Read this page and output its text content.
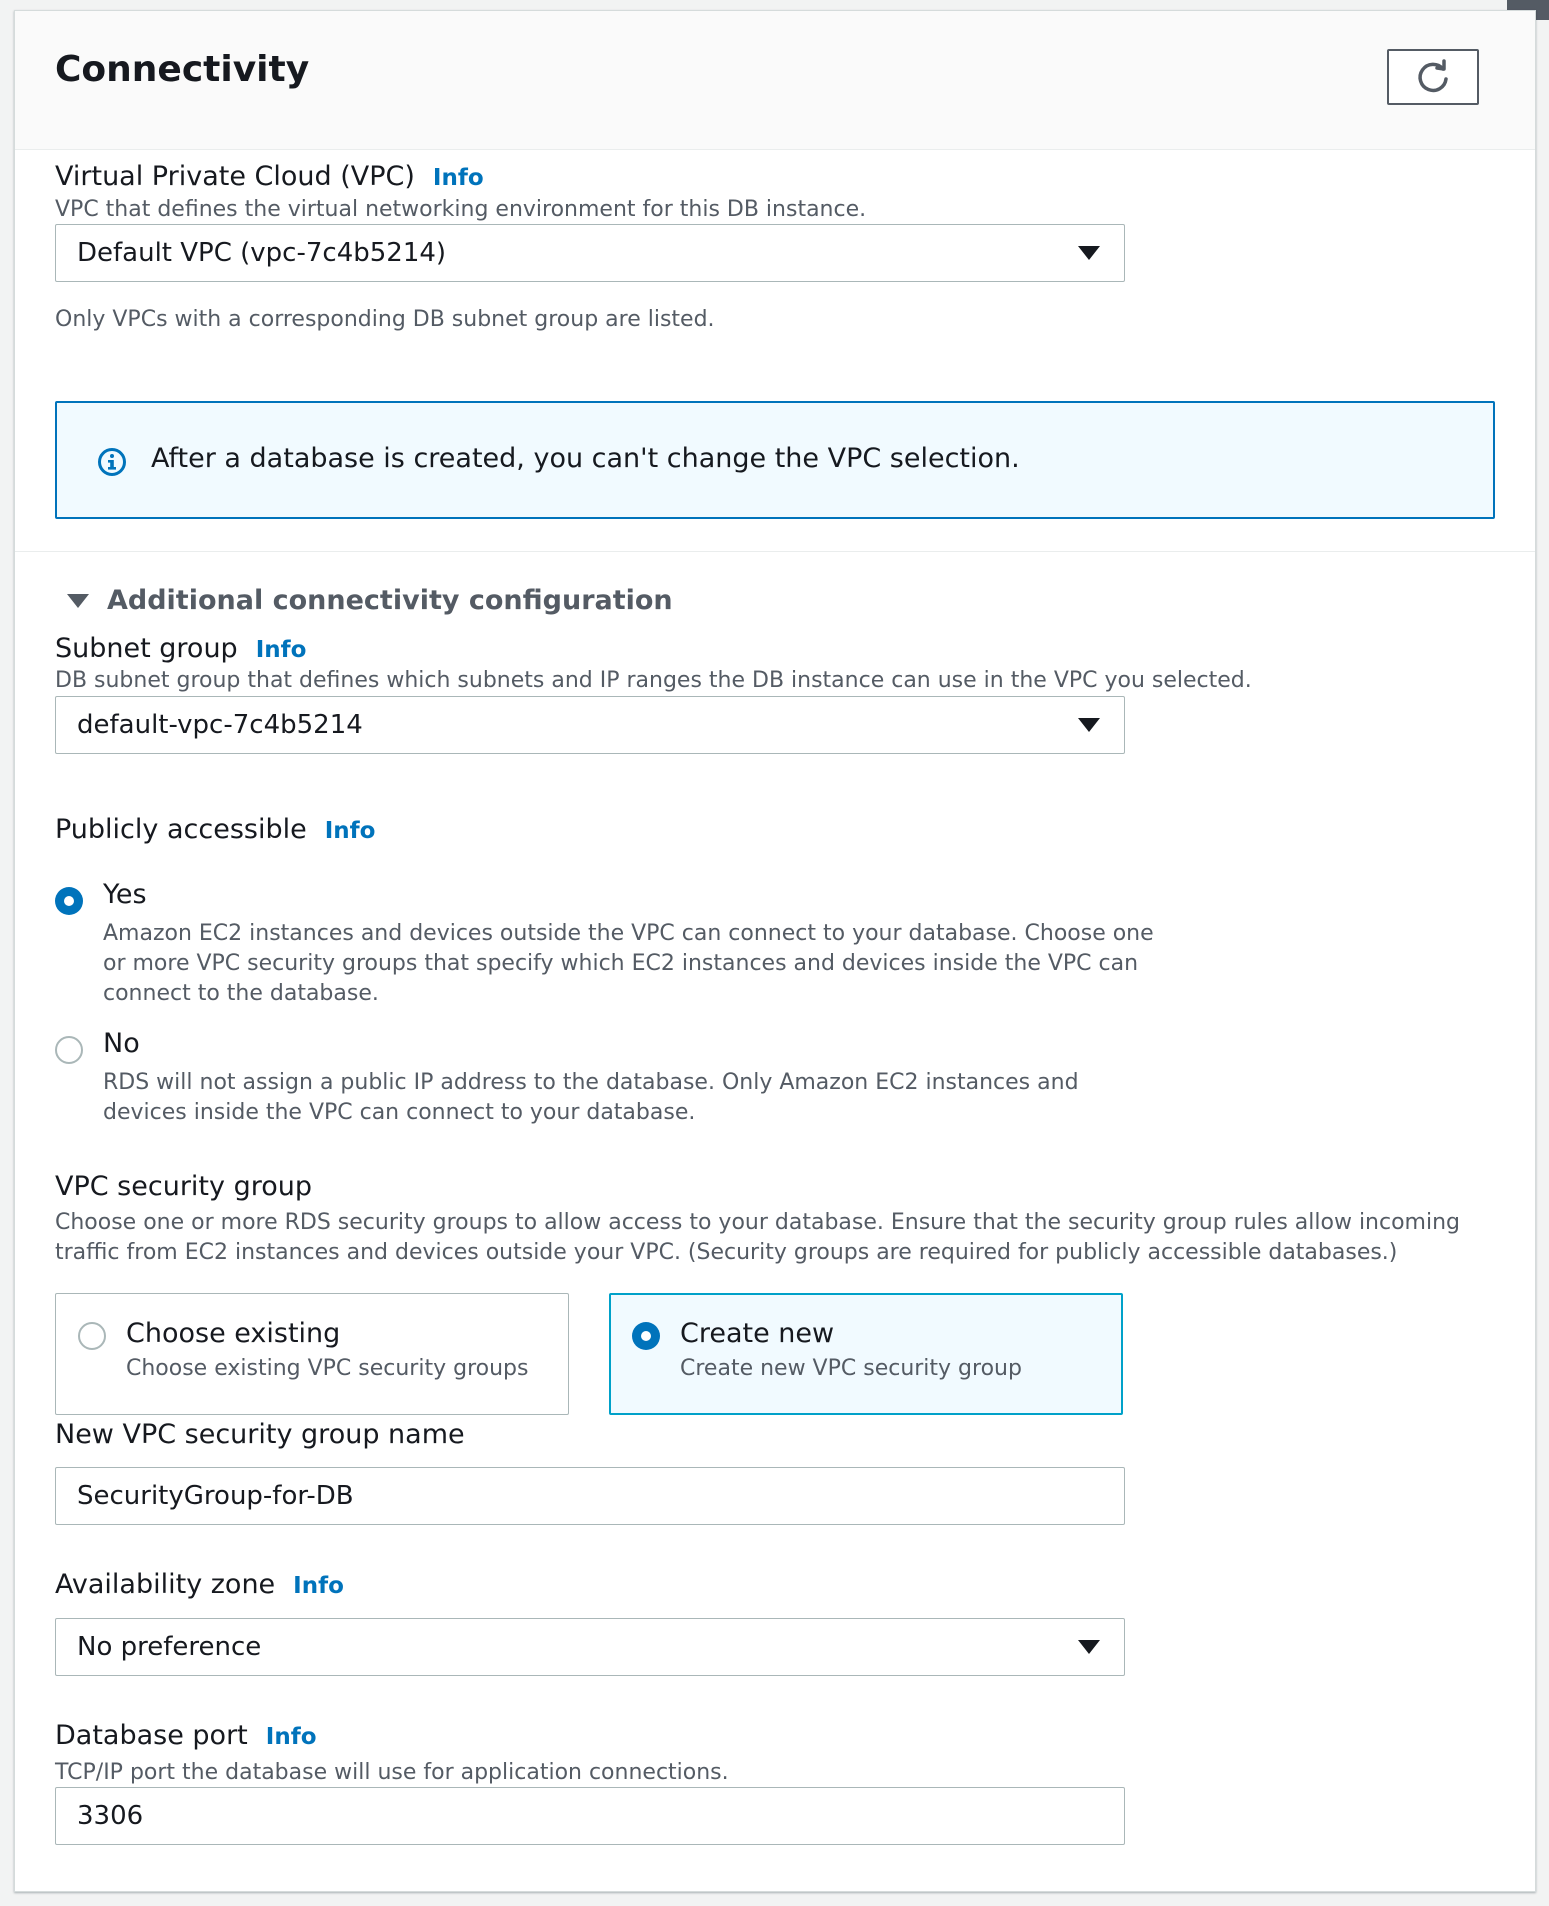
Connectivity
Virtual Private Cloud (VPC) Info
VPC that defines the virtual networking environment for this DB instance.
Default VPC (vpc-7c4b5214)
Only VPCs with a corresponding DB subnet group are listed.
After a database is created, you can't change the VPC selection.
Additional connectivity configuration
Subnet group Info
DB subnet group that defines which subnets and IP ranges the DB instance can use in the VPC you selected.
default-vpc-7c4b5214
Publicly accessible Info
Yes
Amazon EC2 instances and devices outside the VPC can connect to your database. Choose one
or more VPC security groups that specify which EC2 instances and devices inside the VPC can
connect to the database.
No
RDS will not assign a public IP address to the database. Only Amazon EC2 instances and
devices inside the VPC can connect to your database.
VPC security group
Choose one or more RDS security groups to allow access to your database. Ensure that the security group rules allow incoming
traffic from EC2 instances and devices outside your VPC. (Security groups are required for publicly accessible databases.)
Choose existing
Choose existing VPC security groups
Create new
Create new VPC security group
New VPC security group name
SecurityGroup-for-DB
Availability zone Info
No preference
Database port Info
TCP/IP port the database will use for application connections.
3306
